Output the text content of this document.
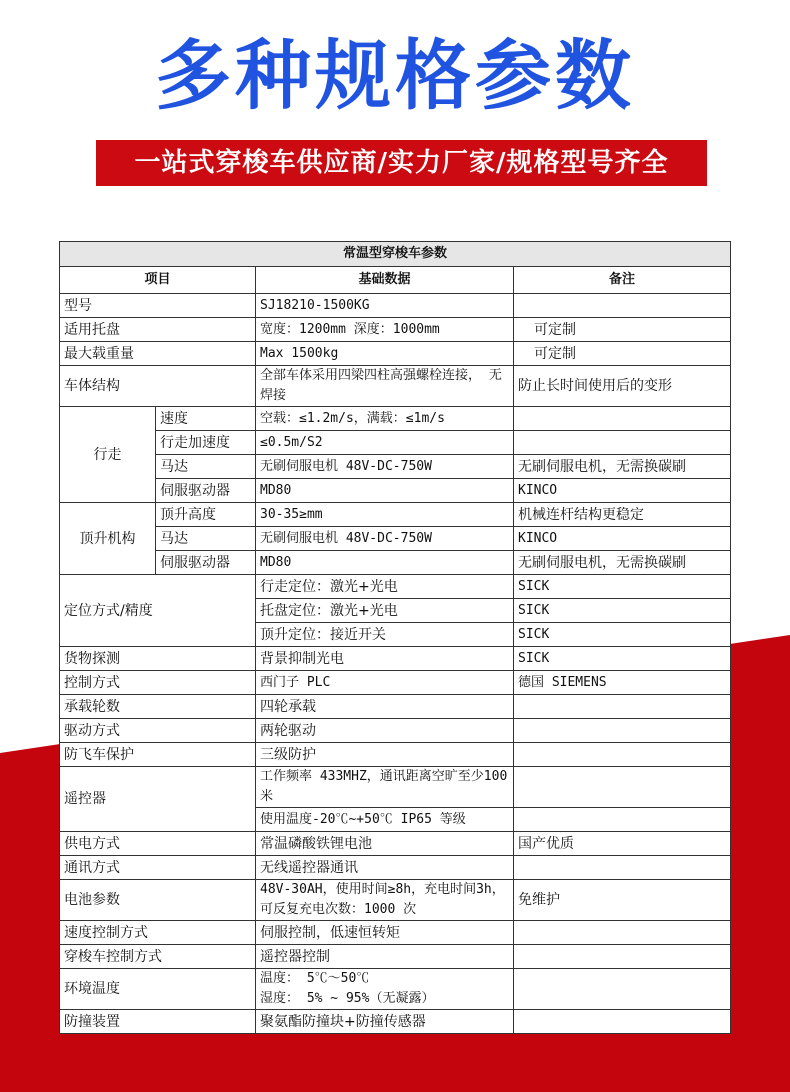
多种规格参数
一站式穿梭车供应商/实力厂家/规格型号齐全
常温型穿梭车参数			
项目		基础数据	备注
型号		SJ18210-1500KG	
适用托盘		宽度：1200mm 深度：1000mm	可定制
最大载重量		Max 1500kg	可定制
车体结构		全部车体采用四梁四柱高强螺栓连接， 无焊接	防止长时间使用后的变形
行走	速度	空载：≤1.2m/s，满载：≤1m/s	
	行走加速度	≤0.5m/S2	
	马达	无刷伺服电机 48V-DC-750W	无刷伺服电机，无需换碳刷
	伺服驱动器	MD80	KINCO
顶升机构	顶升高度	30-35≥mm	机械连杆结构更稳定
	马达	无刷伺服电机 48V-DC-750W	KINCO
	伺服驱动器	MD80	无刷伺服电机，无需换碳刷
定位方式/精度		行走定位：激光+光电	SICK
		托盘定位：激光+光电	SICK
		顶升定位：接近开关	SICK
货物探测		背景抑制光电	SICK
控制方式		西门子 PLC	德国 SIEMENS
承载轮数		四轮承载	
驱动方式		两轮驱动	
防飞车保护		三级防护	
遥控器		工作频率 433MHZ，通讯距离空旷至少100 米	
		使用温度-20℃~+50℃ IP65 等级	
供电方式		常温磷酸铁锂电池	国产优质
通讯方式		无线遥控器通讯	
电池参数		48V-30AH，使用时间≥8h，充电时间3h，可反复充电次数：1000 次	免维护
速度控制方式		伺服控制，低速恒转矩	
穿梭车控制方式		遥控器控制	
环境温度		温度： 5℃～50℃
湿度： 5% ~ 95%（无凝露）	

防撞装置		聚氨酯防撞块+防撞传感器	
